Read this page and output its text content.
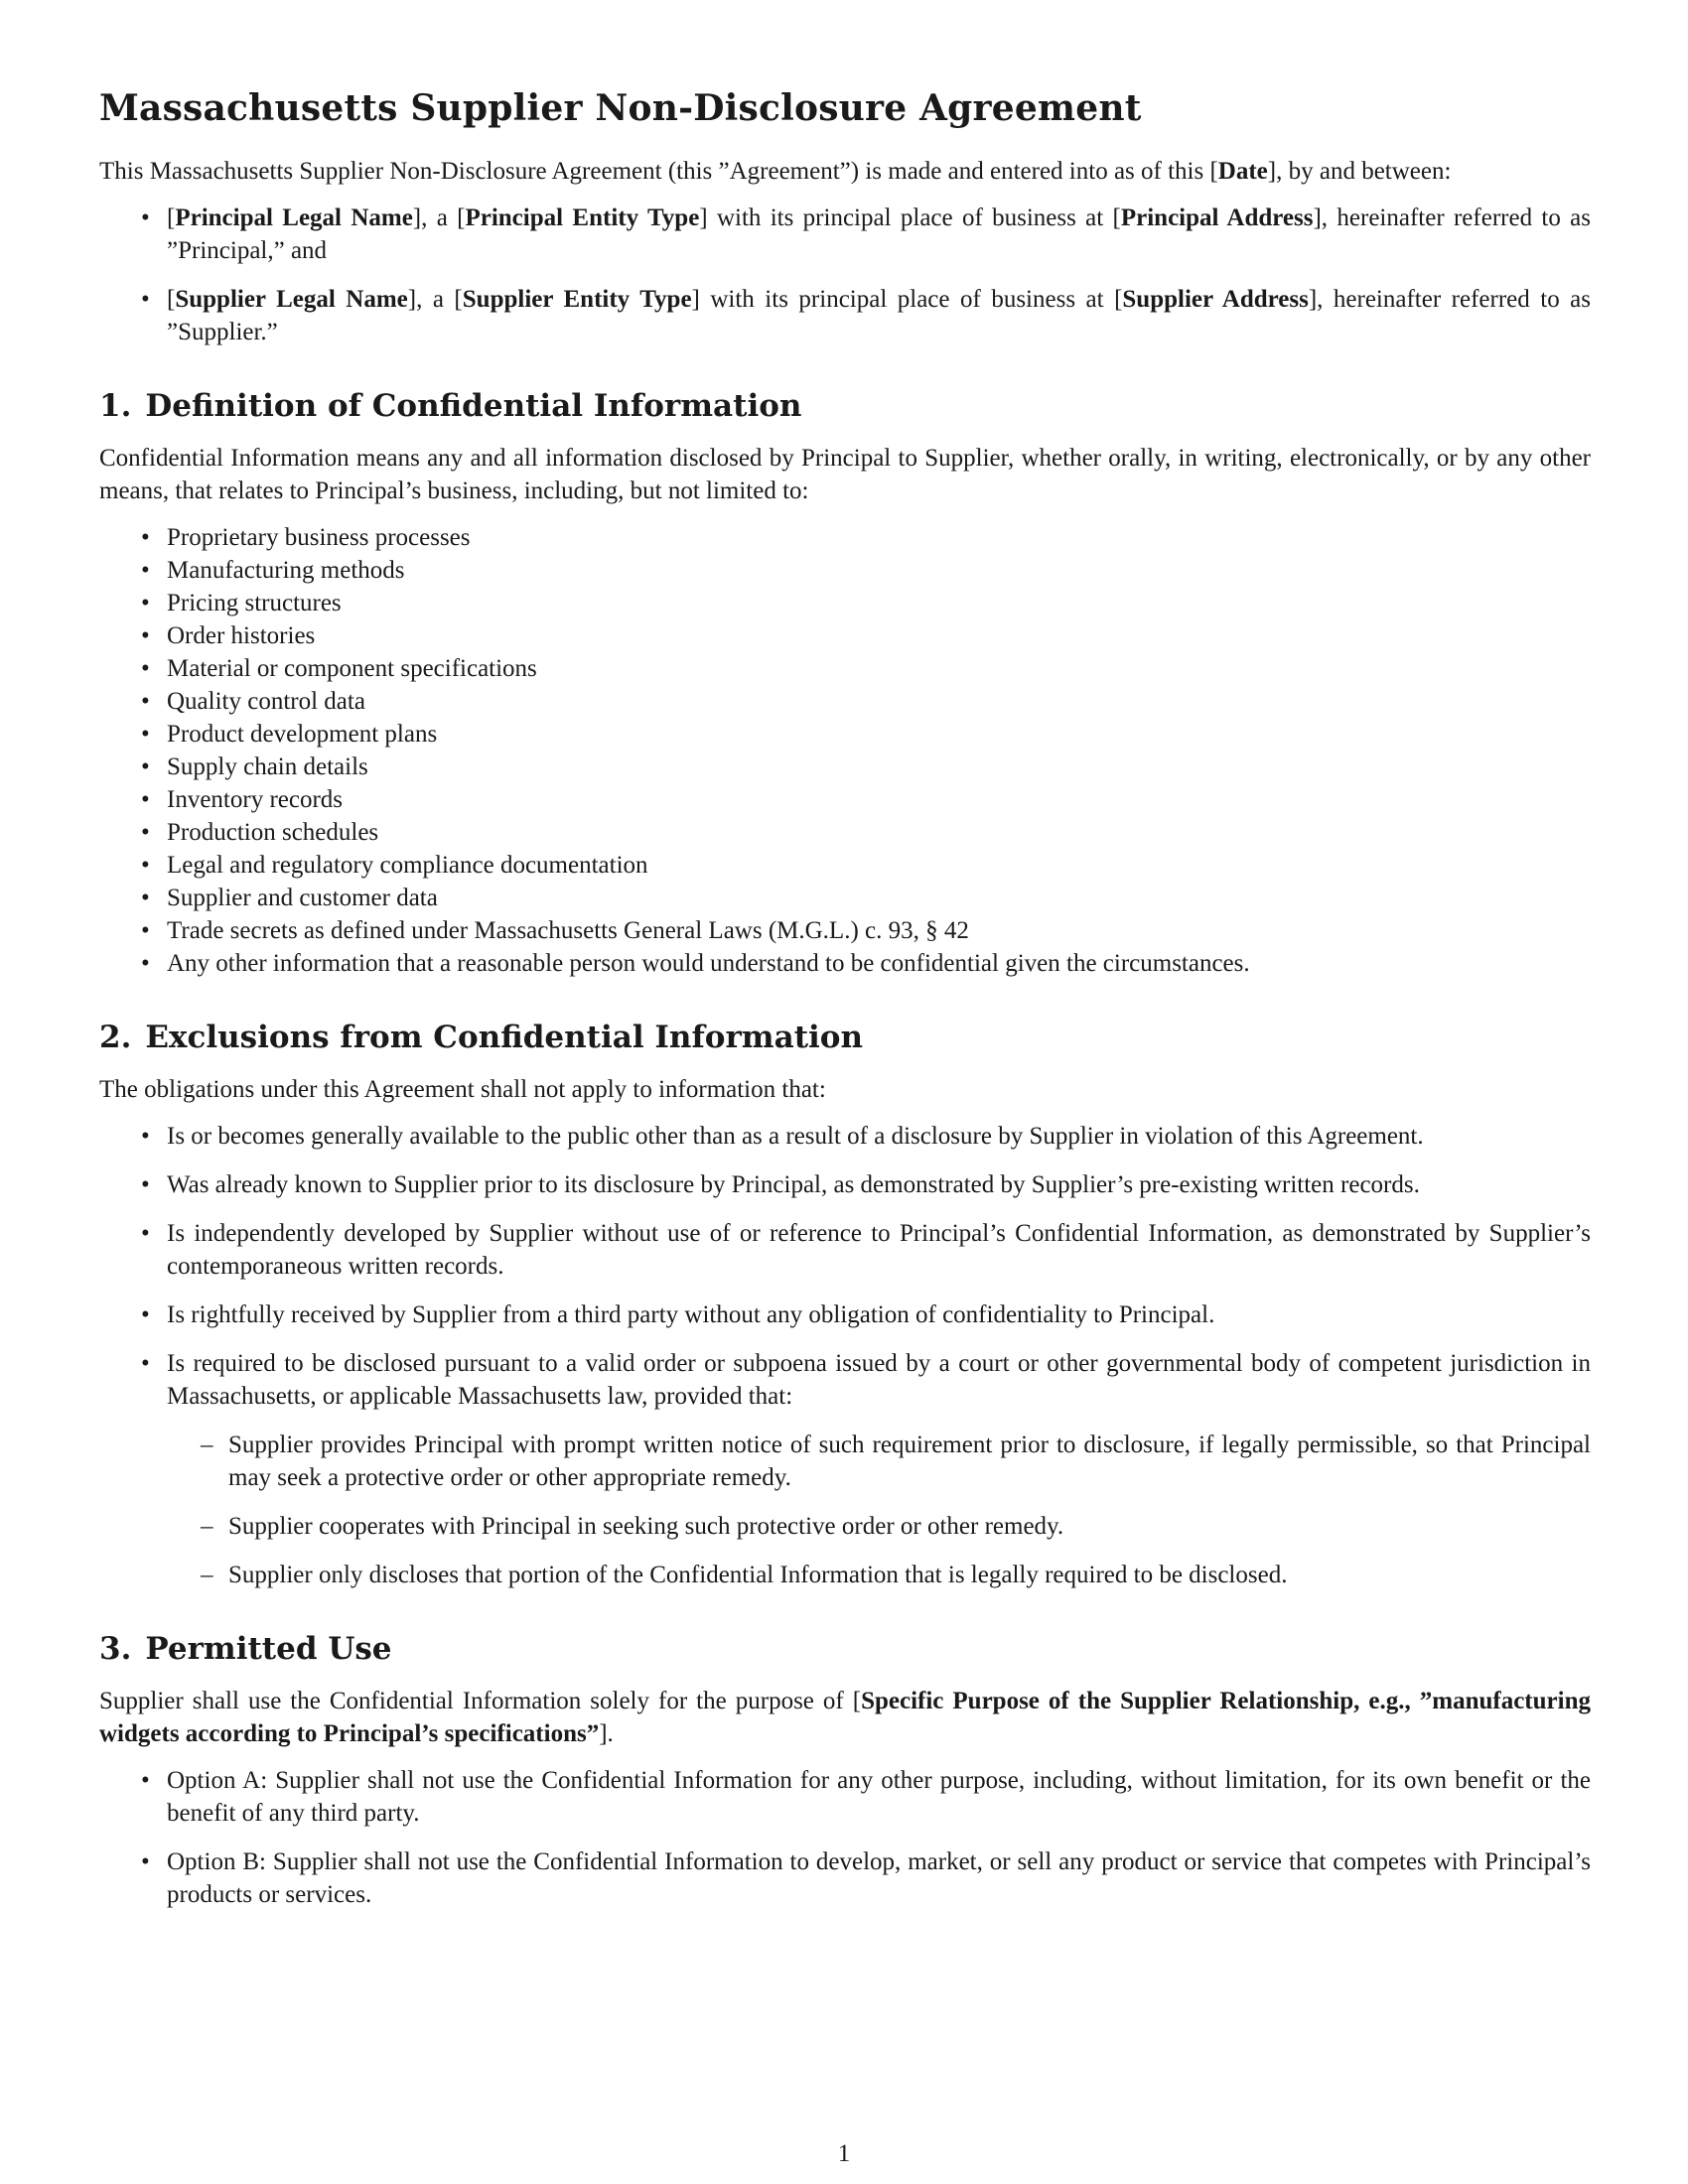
Massachusetts Supplier Non-Disclosure Agreement

This Massachusetts Supplier Non-Disclosure Agreement (this ”Agreement”) is made and entered into as of this [Date], by and between:

• [Principal Legal Name], a [Principal Entity Type] with its principal place of business at [Principal Address], hereinafter referred to as ”Principal,” and
• [Supplier Legal Name], a [Supplier Entity Type] with its principal place of business at [Supplier Address], hereinafter referred to as ”Supplier.”
1. Definition of Confidential Information

Confidential Information means any and all information disclosed by Principal to Supplier, whether orally, in writing, electronically, or by any other means, that relates to Principal’s business, including, but not limited to:

• Proprietary business processes
• Manufacturing methods
• Pricing structures
• Order histories
• Material or component specifications
• Quality control data
• Product development plans
• Supply chain details
• Inventory records
• Production schedules
• Legal and regulatory compliance documentation
• Supplier and customer data
• Trade secrets as defined under Massachusetts General Laws (M.G.L.) c. 93, § 42
• Any other information that a reasonable person would understand to be confidential given the circumstances.
2. Exclusions from Confidential Information

The obligations under this Agreement shall not apply to information that:

• Is or becomes generally available to the public other than as a result of a disclosure by Supplier in violation of this Agreement.
• Was already known to Supplier prior to its disclosure by Principal, as demonstrated by Supplier’s pre-existing written records.
• Is independently developed by Supplier without use of or reference to Principal’s Confidential Information, as demonstrated by Supplier’s contemporaneous written records.
• Is rightfully received by Supplier from a third party without any obligation of confidentiality to Principal.
• Is required to be disclosed pursuant to a valid order or subpoena issued by a court or other governmental body of competent jurisdiction in Massachusetts, or applicable Massachusetts law, provided that:
– Supplier provides Principal with prompt written notice of such requirement prior to disclosure, if legally permissible, so that Principal may seek a protective order or other appropriate remedy.
– Supplier cooperates with Principal in seeking such protective order or other remedy.
– Supplier only discloses that portion of the Confidential Information that is legally required to be disclosed.
3. Permitted Use

Supplier shall use the Confidential Information solely for the purpose of [Specific Purpose of the Supplier Relationship, e.g., ”manufacturing widgets according to Principal’s specifications”].

• Option A: Supplier shall not use the Confidential Information for any other purpose, including, without limitation, for its own benefit or the benefit of any third party.
• Option B: Supplier shall not use the Confidential Information to develop, market, or sell any product or service that competes with Principal’s products or services.
1
